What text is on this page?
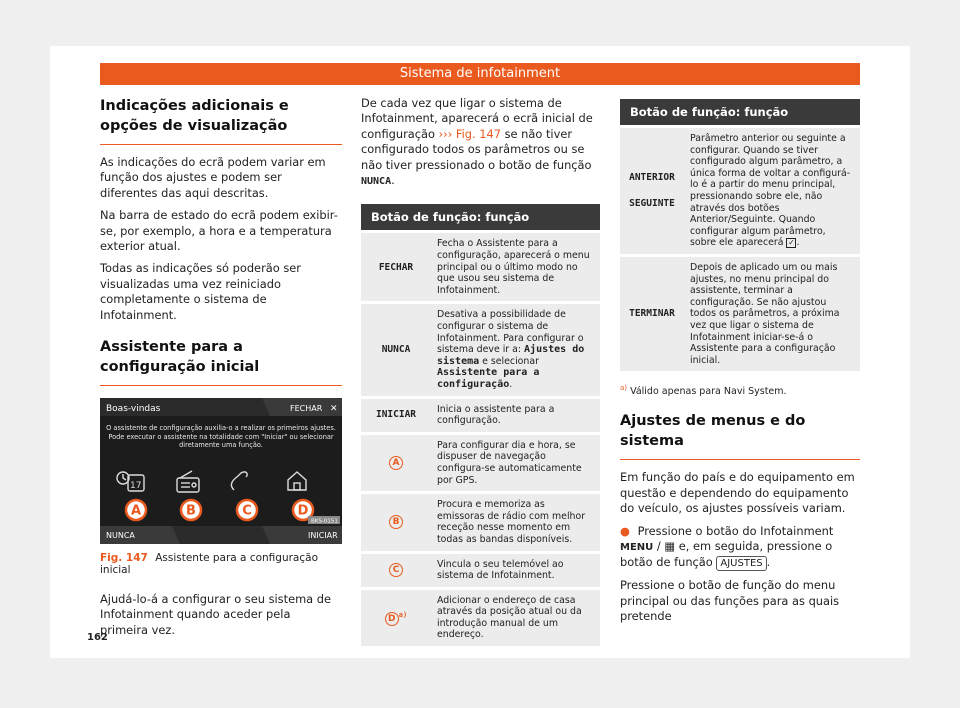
Sistema de infotainment
Indicações adicionais e opções de visualização

As indicações do ecrã podem variar em função dos ajustes e podem ser diferentes das aqui descritas.

Na barra de estado do ecrã podem exibir-se, por exemplo, a hora e a temperatura exterior atual.

Todas as indicações só poderão ser visualizadas uma vez reiniciado completamente o sistema de Infotainment.

Assistente para a configuração inicial
Boas-vindas	FECHAR ✕
O assistente de configuração auxilia-o a realizar os primeiros ajustes. Pode executar o assistente na totalidade com "Iniciar" ou selecionar diretamente uma função.
17
A	B	C	D
NUNCA	INICIAR
BKS-0151
Fig. 147 Assistente para a configuração inicial

Ajudá-lo-á a configurar o seu sistema de Infotainment quando aceder pela primeira vez.

De cada vez que ligar o sistema de Infotainment, aparecerá o ecrã inicial de configuração ››› Fig. 147 se não tiver configurado todos os parâmetros ou se não tiver pressionado o botão de função NUNCA.

Botão de função: função	
FECHAR	Fecha o Assistente para a configuração, aparecerá o menu principal ou o último modo no que usou seu sistema de Infotainment.
NUNCA	Desativa a possibilidade de configurar o sistema de Infotainment. Para configurar o sistema deve ir a: Ajustes do sistema e selecionar Assistente para a configuração.
INICIAR	Inicia o assistente para a configuração.
A	Para configurar dia e hora, se dispuser de navegação configura-se automaticamente por GPS.
B	Procura e memoriza as emissoras de rádio com melhor receção nesse momento em todas as bandas disponíveis.
C	Vincula o seu telemóvel ao sistema de Infotainment.
D $^{a)}$	Adicionar o endereço de casa através da posição atual ou da introdução manual de um endereço.
Botão de função: função	

ANTERIOR
SEGUINTE	Parâmetro anterior ou seguinte a configurar. Quando se tiver configurado algum parâmetro, a única forma de voltar a configurá-lo é a partir do menu principal, pressionando sobre ele, não através dos botões Anterior/Seguinte. Quando configurar algum parâmetro, sobre ele aparecerá ✓ .
TERMINAR	Depois de aplicado um ou mais ajustes, no menu principal do assistente, terminar a configuração. Se não ajustou todos os parâmetros, a próxima vez que ligar o sistema de Infotainment iniciar-se-á o Assistente para a configuração inicial.
$^{a)}$ Válido apenas para Navi System.
Ajustes de menus e do sistema

Em função do país e do equipamento em questão e dependendo do equipamento do veículo, os ajustes possíveis variam.

● Pressione o botão do Infotainment MENU / ▦ e, em seguida, pressione o botão de função AJUSTES .

Pressione o botão de função do menu principal ou das funções para as quais pretende

162
